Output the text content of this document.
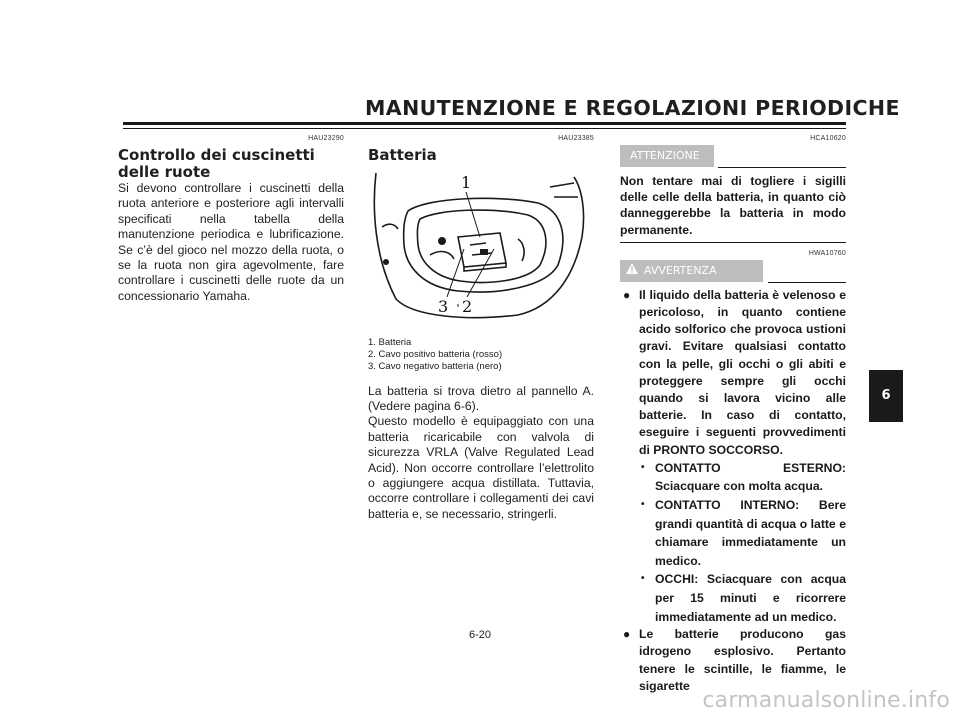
MANUTENZIONE E REGOLAZIONI PERIODICHE
HAU23290
Controllo dei cuscinetti delle ruote

Si devono controllare i cuscinetti della ruota anteriore e posteriore agli intervalli specificati nella tabella della manutenzione periodica e lubrificazione. Se c’è del gioco nel mozzo della ruota, o se la ruota non gira agevolmente, fare controllare i cuscinetti delle ruote da un concessionario Yamaha.

HAU23385
Batteria
1
3 2
1. Batteria
2. Cavo positivo batteria (rosso)
3. Cavo negativo batteria (nero)

La batteria si trova dietro al pannello A. (Vedere pagina 6-6).

Questo modello è equipaggiato con una batteria ricaricabile con valvola di sicurezza VRLA (Valve Regulated Lead Acid). Non occorre controllare l’elettrolito o aggiungere acqua distillata. Tuttavia, occorre controllare i collegamenti dei cavi batteria e, se necessario, stringerli.

HCA10620
ATTENZIONE

Non tentare mai di togliere i sigilli delle celle della batteria, in quanto ciò danneggerebbe la batteria in modo permanente.

HWA10760
AVVERTENZA
● Il liquido della batteria è velenoso e pericoloso, in quanto contiene acido solforico che provoca ustioni gravi. Evitare qualsiasi contatto con la pelle, gli occhi o gli abiti e proteggere sempre gli occhi quando si lavora vicino alle batterie. In caso di contatto, eseguire i seguenti provvedimenti di PRONTO SOCCORSO.
• CONTATTO ESTERNO: Sciacquare con molta acqua.
• CONTATTO INTERNO: Bere grandi quantità di acqua o latte e chiamare immediatamente un medico.
• OCCHI: Sciacquare con acqua per 15 minuti e ricorrere immediatamente ad un medico.
● Le batterie producono gas idrogeno esplosivo. Pertanto tenere le scintille, le fiamme, le sigarette
6-20
6
carmanualsonline.info
